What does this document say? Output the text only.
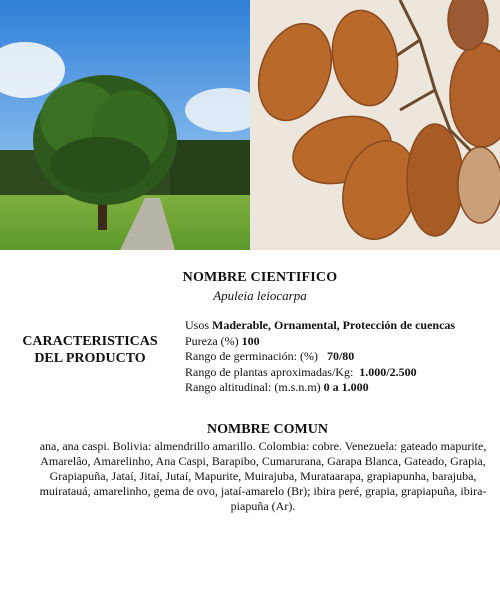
NOMBRE CIENTIFICO
Apuleia leiocarpa
CARACTERISTICAS DEL PRODUCTO
Usos Maderable, Ornamental, Protección de cuencas
Pureza (%) 100
Rango de germinación: (%) 70/80
Rango de plantas aproximadas/Kg: 1.000/2.500
Rango altitudinal: (m.s.n.m) 0 a 1.000
NOMBRE COMUN
ana, ana caspi. Bolivia: almendrillo amarillo. Colombia: cobre. Venezuela: gateado mapurite, Amarelâo, Amarelinho, Ana Caspi, Barapibo, Cumarurana, Garapa Blanca, Gateado, Grapia, Grapiapuña, Jataí, Jitaí, Jutaí, Mapurite, Muirajuba, Murataarapa, grapiapunha, barajuba, muiratauá, amarelinho, gema de ovo, jataí-amarelo (Br); ibira peré, grapia, grapiapuña, ibira-piapuña (Ar).
